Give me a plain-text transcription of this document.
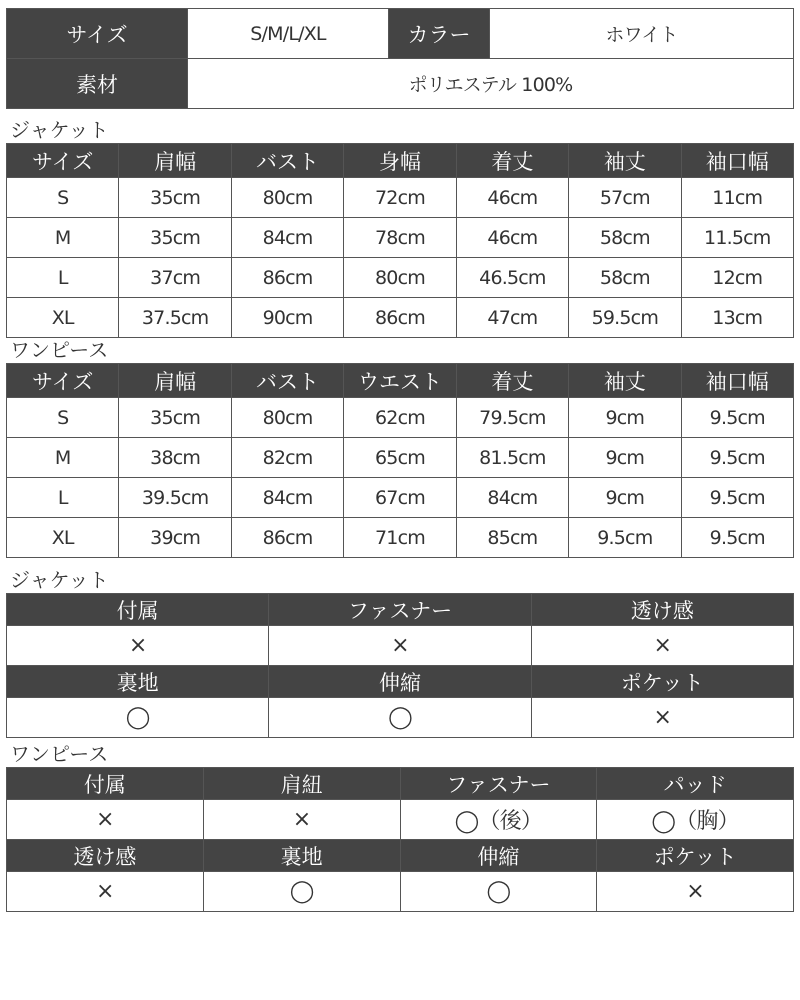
サイズ	S/M/L/XL	カラー	ホワイト
素材	ポリエステル 100%		
ジャケット
サイズ	肩幅	バスト	身幅	着丈	袖丈	袖口幅
S	35cm	80cm	72cm	46cm	57cm	11cm
M	35cm	84cm	78cm	46cm	58cm	11.5cm
L	37cm	86cm	80cm	46.5cm	58cm	12cm
XL	37.5cm	90cm	86cm	47cm	59.5cm	13cm
ワンピース
サイズ	肩幅	バスト	ウエスト	着丈	袖丈	袖口幅
S	35cm	80cm	62cm	79.5cm	9cm	9.5cm
M	38cm	82cm	65cm	81.5cm	9cm	9.5cm
L	39.5cm	84cm	67cm	84cm	9cm	9.5cm
XL	39cm	86cm	71cm	85cm	9.5cm	9.5cm
ジャケット
付属	ファスナー	透け感
×	×	×
裏地	伸縮	ポケット
◯	◯	×
ワンピース
付属	肩紐	ファスナー	パッド
×	×	◯（後）	◯（胸）
透け感	裏地	伸縮	ポケット
×	◯	◯	×
